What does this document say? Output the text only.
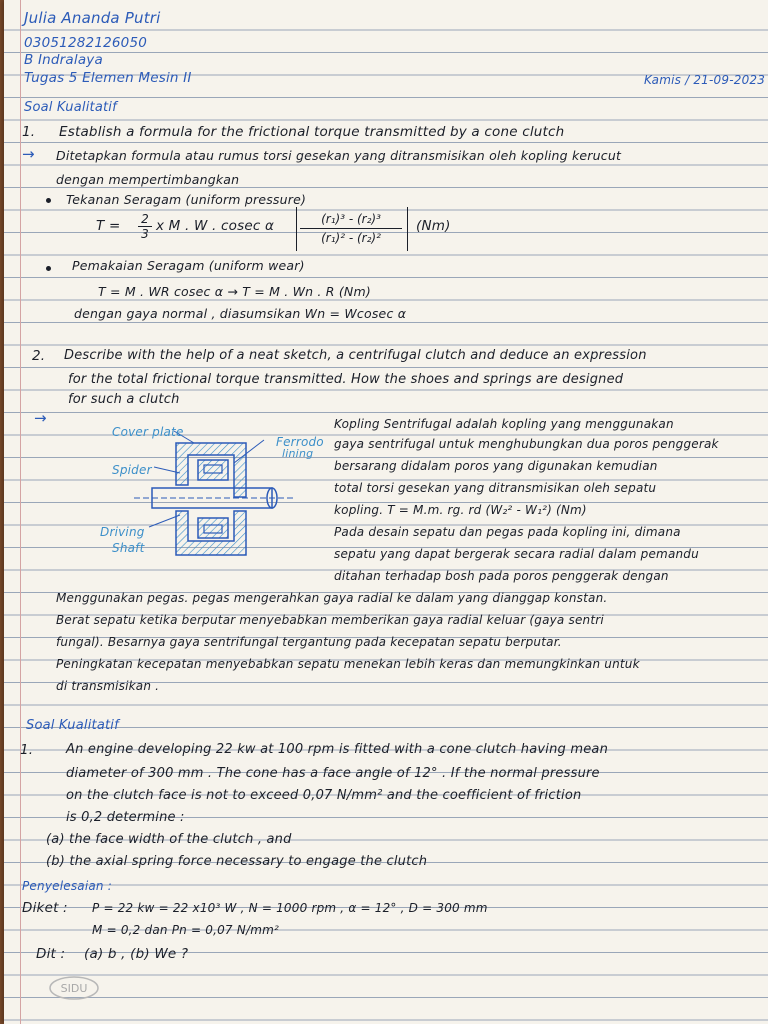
Julia Ananda Putri
03051282126050
B Indralaya
Tugas 5 Elemen Mesin II	Kamis / 21-09-2023
Soal Kualitatif
1. Establish a formula for the frictional torque transmitted by a cone clutch
→ Ditetapkan formula atau rumus torsi gesekan yang ditransmisikan oleh kopling kerucut
dengan mempertimbangkan
Tekanan Seragam (uniform pressure)
$T = \frac{2}{3}$ x M . W . cosec α $\frac{\text{(r₁)³ - (r₂)³}}{\text{(r₁)² - (r₂)²}} (Nm)$
Pemakaian Seragam (uniform wear)
T = M . WR cosec α → T = M . Wn . R (Nm)
dengan gaya normal , diasumsikan Wn = Wcosec α
2. Describe with the help of a neat sketch, a centrifugal clutch and deduce an expression
for the total frictional torque transmitted. How the shoes and springs are designed
for such a clutch
→
Cover plate
Ferrodo
lining
Spider
Driving
Shaft
Kopling Sentrifugal adalah kopling yang menggunakan
gaya sentrifugal untuk menghubungkan dua poros penggerak
bersarang didalam poros yang digunakan kemudian
total torsi gesekan yang ditransmisikan oleh sepatu
kopling. T = M.m. rg. rd (W₂² - W₁²) (Nm)
Pada desain sepatu dan pegas pada kopling ini, dimana
sepatu yang dapat bergerak secara radial dalam pemandu
ditahan terhadap bosh pada poros penggerak dengan
Menggunakan pegas. pegas mengerahkan gaya radial ke dalam yang dianggap konstan.
Berat sepatu ketika berputar menyebabkan memberikan gaya radial keluar (gaya sentri
fungal). Besarnya gaya sentrifungal tergantung pada kecepatan sepatu berputar.
Peningkatan kecepatan menyebabkan sepatu menekan lebih keras dan memungkinkan untuk
di transmisikan .
Soal Kualitatif
1.	An engine developing 22 kw at 100 rpm is fitted with a cone clutch having mean
diameter of 300 mm . The cone has a face angle of 12° . If the normal pressure
on the clutch face is not to exceed 0,07 N/mm² and the coefficient of friction
is 0,2 determine :
(a) the face width of the clutch , and
(b) the axial spring force necessary to engage the clutch
Penyelesaian :
Diket : P = 22 kw = 22 x10³ W , N = 1000 rpm , α = 12° , D = 300 mm
M = 0,2 dan Pn = 0,07 N/mm²
Dit : (a) b , (b) We ?
SIDU
